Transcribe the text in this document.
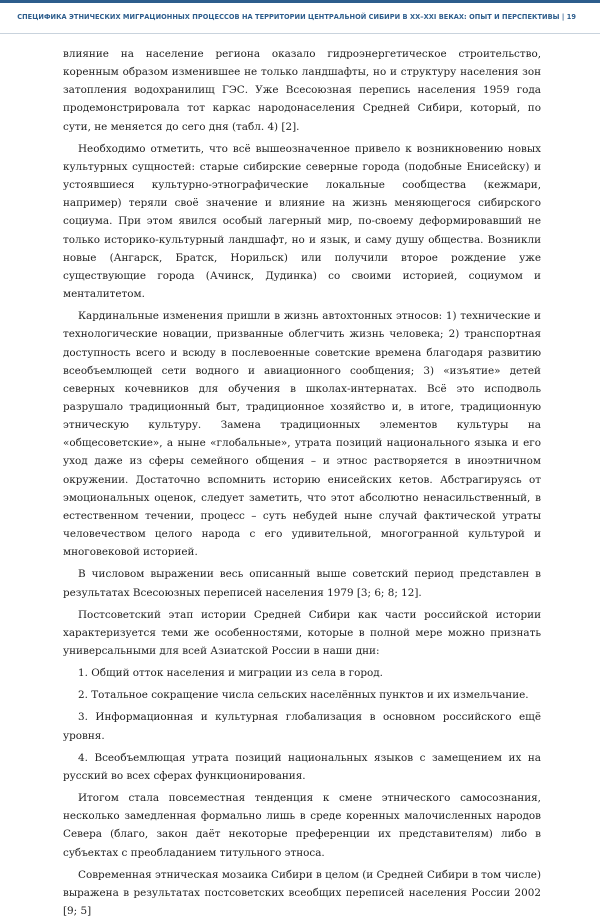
СПЕЦИФИКА ЭТНИЧЕСКИХ МИГРАЦИОННЫХ ПРОЦЕССОВ НА ТЕРРИТОРИИ ЦЕНТРАЛЬНОЙ СИБИРИ В XX–XXI ВЕКАХ: ОПЫТ И ПЕРСПЕКТИВЫ | 19

влияние на население региона оказало гидроэнергетическое строительство, коренным образом изменившее не только ландшафты, но и структуру населения зон затопления водохранилищ ГЭС. Уже Всесоюзная перепись населения 1959 года продемонстрировала тот каркас народонаселения Средней Сибири, который, по сути, не меняется до сего дня (табл. 4) [2].

Необходимо отметить, что всё вышеозначенное привело к возникновению новых культурных сущностей: старые сибирские северные города (подобные Енисейску) и устоявшиеся культурно-этнографические локальные сообщества (кежмари, например) теряли своё значение и влияние на жизнь меняющегося сибирского социума. При этом явился особый лагерный мир, по-своему деформировавший не только историко-культурный ландшафт, но и язык, и саму душу общества. Возникли новые (Ангарск, Братск, Норильск) или получили второе рождение уже существующие города (Ачинск, Дудинка) со своими историей, социумом и менталитетом.

Кардинальные изменения пришли в жизнь автохтонных этносов: 1) технические и технологические новации, призванные облегчить жизнь человека; 2) транспортная доступность всего и всюду в послевоенные советские времена благодаря развитию всеобъемлющей сети водного и авиационного сообщения; 3) «изъятие» детей северных кочевников для обучения в школах-интернатах. Всё это исподволь разрушало традиционный быт, традиционное хозяйство и, в итоге, традиционную этническую культуру. Замена традиционных элементов культуры на «общесоветские», а ныне «глобальные», утрата позиций национального языка и его уход даже из сферы семейного общения – и этнос растворяется в иноэтничном окружении. Достаточно вспомнить историю енисейских кетов. Абстрагируясь от эмоциональных оценок, следует заметить, что этот абсолютно ненасильственный, в естественном течении, процесс – суть небудей ныне случай фактической утраты человечеством целого народа с его удивительной, многогранной культурой и многовековой историей.

В числовом выражении весь описанный выше советский период представлен в результатах Всесоюзных переписей населения 1979 [3; 6; 8; 12].

Постсоветский этап истории Средней Сибири как части российской истории характеризуется теми же особенностями, которые в полной мере можно признать универсальными для всей Азиатской России в наши дни:

1. Общий отток населения и миграции из села в город.

2. Тотальное сокращение числа сельских населённых пунктов и их измельчание.

3. Информационная и культурная глобализация в основном российского ещё уровня.

4. Всеобъемлющая утрата позиций национальных языков с замещением их на русский во всех сферах функционирования.

Итогом стала повсеместная тенденция к смене этнического самосознания, несколько замедленная формально лишь в среде коренных малочисленных народов Севера (благо, закон даёт некоторые преференции их представителям) либо в субъектах с преобладанием титульного этноса.

Современная этническая мозаика Сибири в целом (и Средней Сибири в том числе) выражена в результатах постсоветских всеобщих переписей населения России 2002 [9; 5]
